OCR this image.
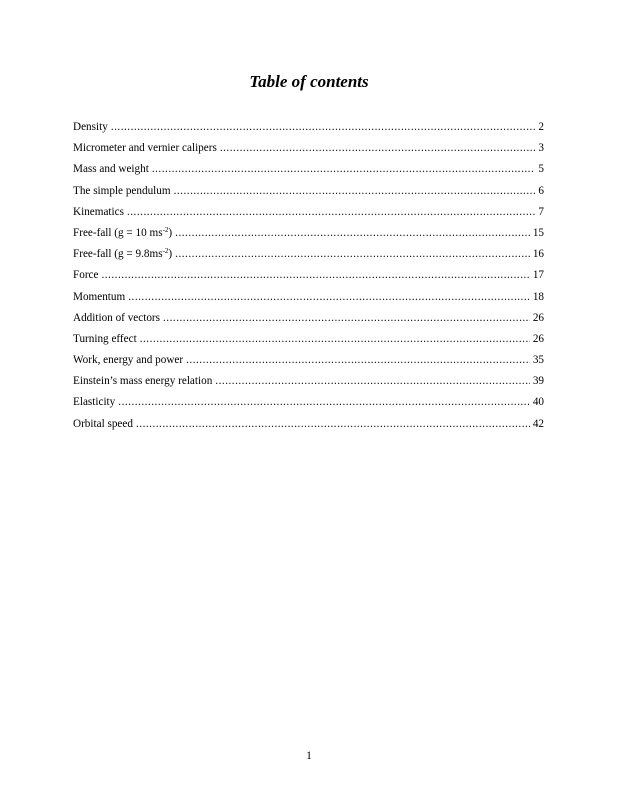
Table of contents
Density .....	2
Micrometer and vernier calipers .....	3
Mass and weight .....	5
The simple pendulum .....	6
Kinematics .....	7
Free-fall (g = 10 $ms^{-2}$) .....	15
Free-fall $(g = 9.8ms^{-2})$ .....	16
Force .....	17
Momentum .....	18
Addition of vectors .....	26
Turning effect .....	26
Work, energy and power .....	35
Einstein’s mass energy relation .....	39
Elasticity .....	40
Orbital speed .....	42
1
